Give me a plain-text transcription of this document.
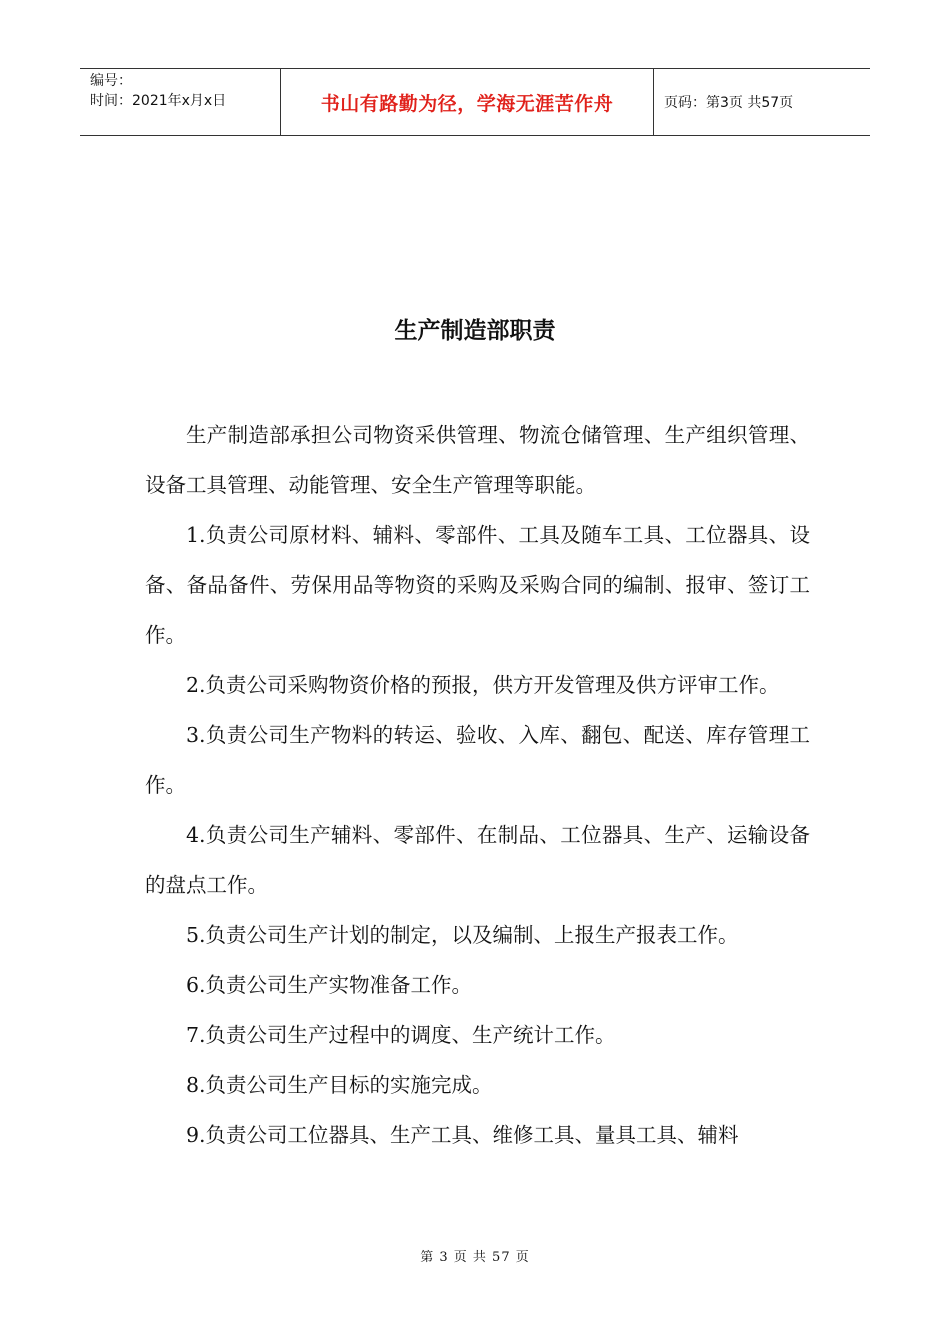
编号：
时间：2021年x月x日	书山有路勤为径，学海无涯苦作舟	页码：第3页 共57页
生产制造部职责

生产制造部承担公司物资采供管理、物流仓储管理、生产组织管理、设备工具管理、动能管理、安全生产管理等职能。

1.负责公司原材料、辅料、零部件、工具及随车工具、工位器具、设备、备品备件、劳保用品等物资的采购及采购合同的编制、报审、签订工作。

2.负责公司采购物资价格的预报，供方开发管理及供方评审工作。

3.负责公司生产物料的转运、验收、入库、翻包、配送、库存管理工作。

4.负责公司生产辅料、零部件、在制品、工位器具、生产、运输设备的盘点工作。

5.负责公司生产计划的制定，以及编制、上报生产报表工作。

6.负责公司生产实物准备工作。

7.负责公司生产过程中的调度、生产统计工作。

8.负责公司生产目标的实施完成。

9.负责公司工位器具、生产工具、维修工具、量具工具、辅料

第 3 页 共 57 页
